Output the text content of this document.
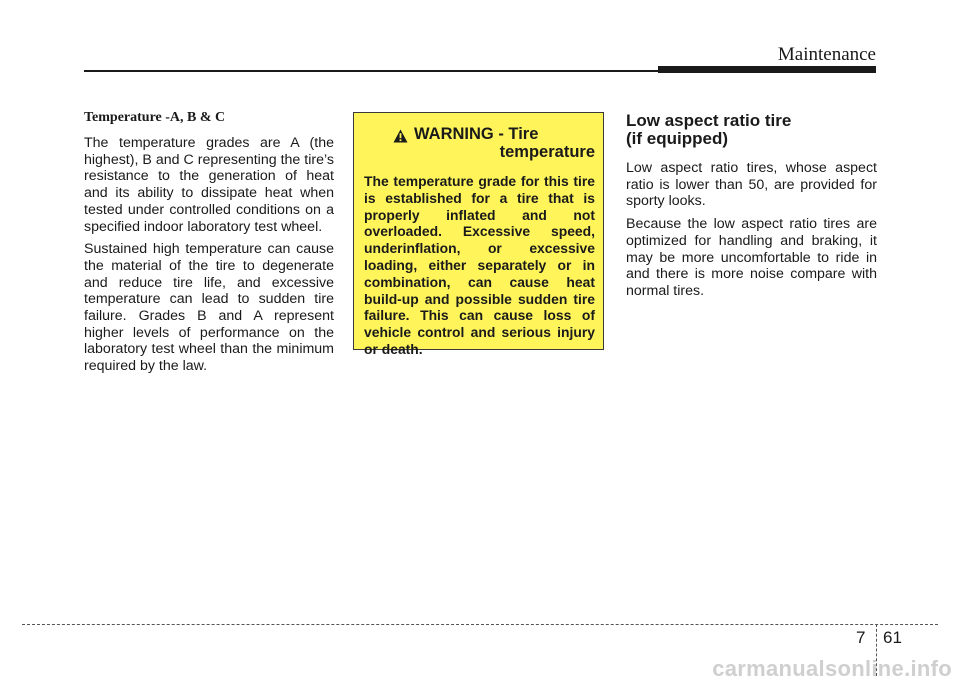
Maintenance
Temperature -A, B & C

The temperature grades are A (the highest), B and C representing the tire’s resistance to the generation of heat and its ability to dissipate heat when tested under controlled conditions on a specified indoor laboratory test wheel.

Sustained high temperature can cause the material of the tire to degenerate and reduce tire life, and excessive temperature can lead to sudden tire failure. Grades B and A represent higher levels of performance on the laboratory test wheel than the minimum required by the law.

WARNING - Tire
temperature

The temperature grade for this tire is established for a tire that is properly inflated and not overloaded. Excessive speed, underinflation, or excessive loading, either separately or in combination, can cause heat build-up and possible sudden tire failure. This can cause loss of vehicle control and serious injury or death.

Low aspect ratio tire
(if equipped)

Low aspect ratio tires, whose aspect ratio is lower than 50, are provided for sporty looks.

Because the low aspect ratio tires are optimized for handling and braking, it may be more uncomfortable to ride in and there is more noise compare with normal tires.

7 61
carmanualsonline.info
